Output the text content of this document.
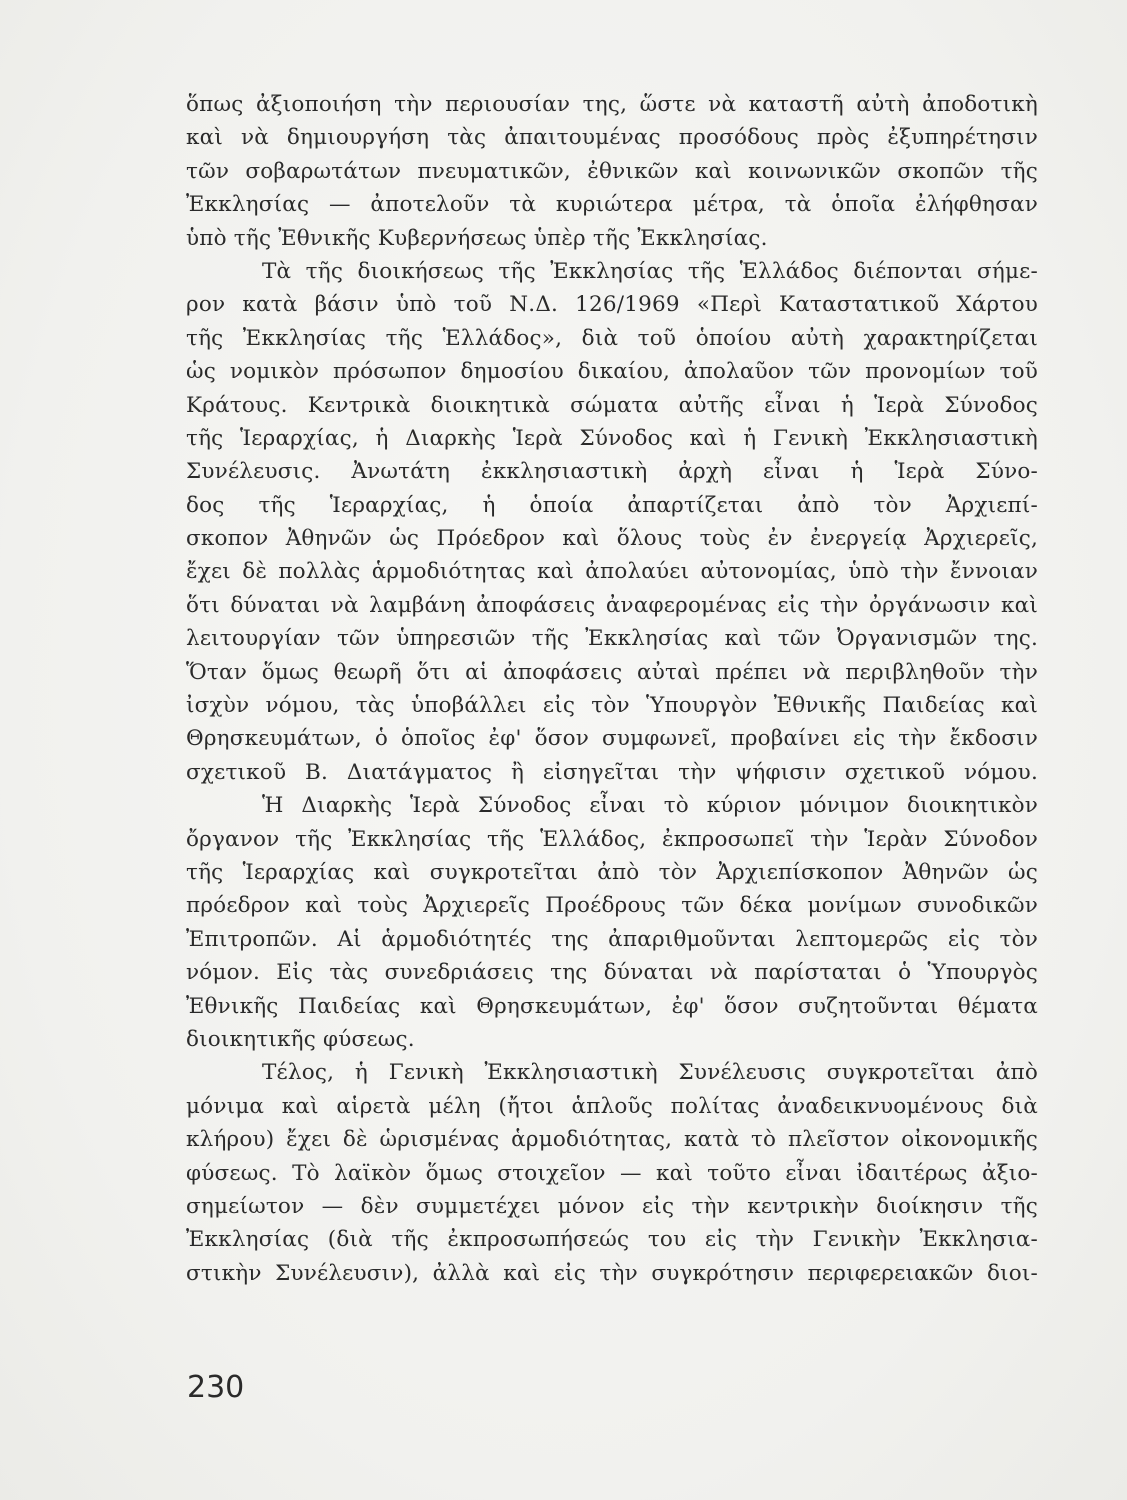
ὅπως ἀξιοποιήση τὴν περιουσίαν της, ὥστε νὰ καταστῆ αὐτὴ ἀποδοτικὴ
καὶ νὰ δημιουργήση τὰς ἀπαιτουμένας προσόδους πρὸς ἐξυπηρέτησιν
τῶν σοβαρωτάτων πνευματικῶν, ἐθνικῶν καὶ κοινωνικῶν σκοπῶν τῆς
Ἐκκλησίας — ἀποτελοῦν τὰ κυριώτερα μέτρα, τὰ ὁποῖα ἐλήφθησαν
ὑπὸ τῆς Ἐθνικῆς Κυβερνήσεως ὑπὲρ τῆς Ἐκκλησίας.
Τὰ τῆς διοικήσεως τῆς Ἐκκλησίας τῆς Ἑλλάδος διέπονται σήμε-
ρον κατὰ βάσιν ὑπὸ τοῦ Ν.Δ. 126/1969 «Περὶ Καταστατικοῦ Χάρτου
τῆς Ἐκκλησίας τῆς Ἑλλάδος», διὰ τοῦ ὁποίου αὐτὴ χαρακτηρίζεται
ὡς νομικὸν πρόσωπον δημοσίου δικαίου, ἀπολαῦον τῶν προνομίων τοῦ
Κράτους. Κεντρικὰ διοικητικὰ σώματα αὐτῆς εἶναι ἡ Ἱερὰ Σύνοδος
τῆς Ἱεραρχίας, ἡ Διαρκὴς Ἱερὰ Σύνοδος καὶ ἡ Γενικὴ Ἐκκλησιαστικὴ
Συνέλευσις. Ἀνωτάτη ἐκκλησιαστικὴ ἀρχὴ εἶναι ἡ Ἱερὰ Σύνο-
δος τῆς Ἱεραρχίας, ἡ ὁποία ἀπαρτίζεται ἀπὸ τὸν Ἀρχιεπί-
σκοπον Ἀθηνῶν ὡς Πρόεδρον καὶ ὅλους τοὺς ἐν ἐνεργείᾳ Ἀρχιερεῖς,
ἔχει δὲ πολλὰς ἁρμοδιότητας καὶ ἀπολαύει αὐτονομίας, ὑπὸ τὴν ἔννοιαν
ὅτι δύναται νὰ λαμβάνη ἀποφάσεις ἀναφερομένας εἰς τὴν ὀργάνωσιν καὶ
λειτουργίαν τῶν ὑπηρεσιῶν τῆς Ἐκκλησίας καὶ τῶν Ὀργανισμῶν της.
Ὅταν ὅμως θεωρῆ ὅτι αἱ ἀποφάσεις αὐταὶ πρέπει νὰ περιβληθοῦν τὴν
ἰσχὺν νόμου, τὰς ὑποβάλλει εἰς τὸν Ὑπουργὸν Ἐθνικῆς Παιδείας καὶ
Θρησκευμάτων, ὁ ὁποῖος ἐφ' ὅσον συμφωνεῖ, προβαίνει εἰς τὴν ἔκδοσιν
σχετικοῦ Β. Διατάγματος ἢ εἰσηγεῖται τὴν ψήφισιν σχετικοῦ νόμου.
Ἡ Διαρκὴς Ἱερὰ Σύνοδος εἶναι τὸ κύριον μόνιμον διοικητικὸν
ὄργανον τῆς Ἐκκλησίας τῆς Ἑλλάδος, ἐκπροσωπεῖ τὴν Ἱερὰν Σύνοδον
τῆς Ἱεραρχίας καὶ συγκροτεῖται ἀπὸ τὸν Ἀρχιεπίσκοπον Ἀθηνῶν ὡς
πρόεδρον καὶ τοὺς Ἀρχιερεῖς Προέδρους τῶν δέκα μονίμων συνοδικῶν
Ἐπιτροπῶν. Αἱ ἁρμοδιότητές της ἀπαριθμοῦνται λεπτομερῶς εἰς τὸν
νόμον. Εἰς τὰς συνεδριάσεις της δύναται νὰ παρίσταται ὁ Ὑπουργὸς
Ἐθνικῆς Παιδείας καὶ Θρησκευμάτων, ἐφ' ὅσον συζητοῦνται θέματα
διοικητικῆς φύσεως.
Τέλος, ἡ Γενικὴ Ἐκκλησιαστικὴ Συνέλευσις συγκροτεῖται ἀπὸ
μόνιμα καὶ αἱρετὰ μέλη (ἤτοι ἁπλοῦς πολίτας ἀναδεικνυομένους διὰ
κλήρου) ἔχει δὲ ὡρισμένας ἁρμοδιότητας, κατὰ τὸ πλεῖστον οἰκονομικῆς
φύσεως. Τὸ λαϊκὸν ὅμως στοιχεῖον — καὶ τοῦτο εἶναι ἰδαιτέρως ἀξιο-
σημείωτον — δὲν συμμετέχει μόνον εἰς τὴν κεντρικὴν διοίκησιν τῆς
Ἐκκλησίας (διὰ τῆς ἐκπροσωπήσεώς του εἰς τὴν Γενικὴν Ἐκκλησια-
στικὴν Συνέλευσιν), ἀλλὰ καὶ εἰς τὴν συγκρότησιν περιφερειακῶν διοι-
230
